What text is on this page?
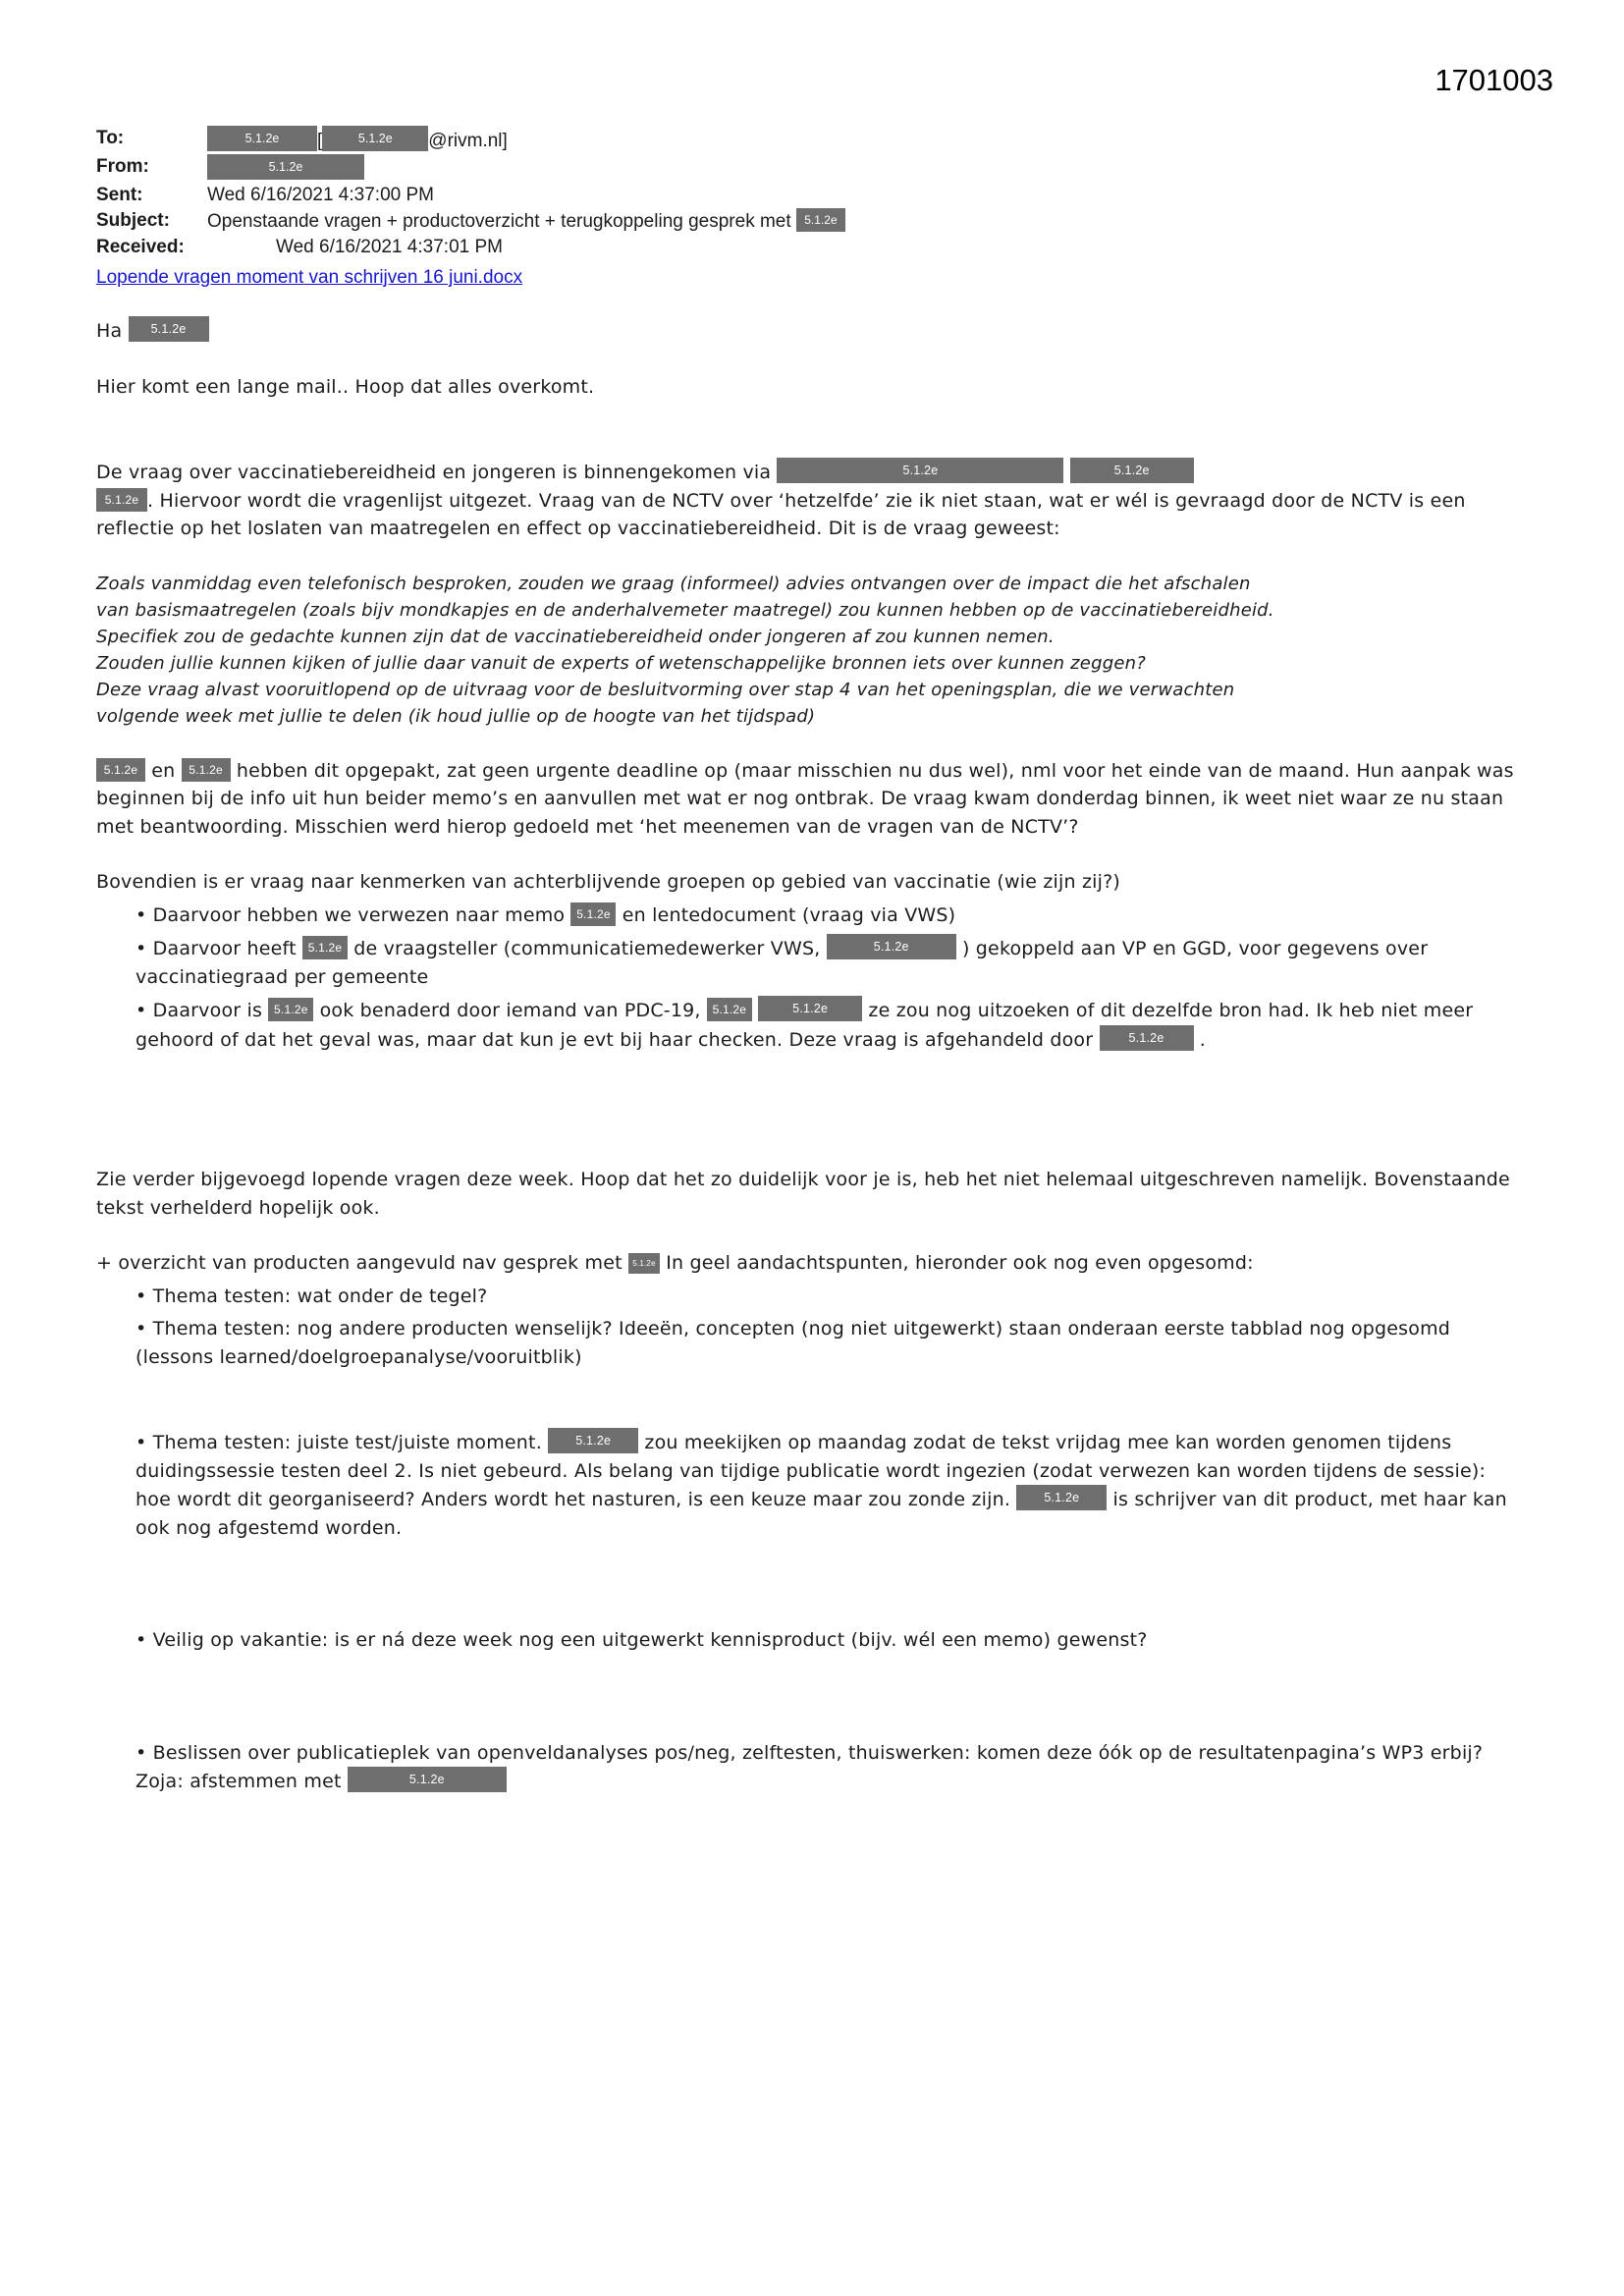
1701003
To:	5.1.2e [	5.1.2e @rivm.nl]
From:	5.1.2e
Sent:	Wed 6/16/2021 4:37:00 PM
Subject:	Openstaande vragen + productoverzicht + terugkoppeling gesprek met 5.1.2e
Received:	Wed 6/16/2021 4:37:01 PM
Lopende vragen moment van schrijven 16 juni.docx
Ha 5.1.2e
Hier komt een lange mail.. Hoop dat alles overkomt.
De vraag over vaccinatiebereidheid en jongeren is binnengekomen via	5.1.2e	5.1.2e
5.1.2e . Hiervoor wordt die vragenlijst uitgezet. Vraag van de NCTV over ‘hetzelfde’ zie ik niet staan, wat er wél is gevraagd door de NCTV is een reflectie op het loslaten van maatregelen en effect op vaccinatiebereidheid. Dit is de vraag geweest:
Zoals vanmiddag even telefonisch besproken, zouden we graag (informeel) advies ontvangen over de impact die het afschalen
van basismaatregelen (zoals bijv mondkapjes en de anderhalvemeter maatregel) zou kunnen hebben op de vaccinatiebereidheid.
Specifiek zou de gedachte kunnen zijn dat de vaccinatiebereidheid onder jongeren af zou kunnen nemen.
Zouden jullie kunnen kijken of jullie daar vanuit de experts of wetenschappelijke bronnen iets over kunnen zeggen?
Deze vraag alvast vooruitlopend op de uitvraag voor de besluitvorming over stap 4 van het openingsplan, die we verwachten
volgende week met jullie te delen (ik houd jullie op de hoogte van het tijdspad)
5.1.2e en 5.1.2e hebben dit opgepakt, zat geen urgente deadline op (maar misschien nu dus wel), nml voor het einde van de maand. Hun aanpak was beginnen bij de info uit hun beider memo’s en aanvullen met wat er nog ontbrak. De vraag kwam donderdag binnen, ik weet niet waar ze nu staan met beantwoording. Misschien werd hierop gedoeld met ‘het meenemen van de vragen van de NCTV’?
Bovendien is er vraag naar kenmerken van achterblijvende groepen op gebied van vaccinatie (wie zijn zij?)
• Daarvoor hebben we verwezen naar memo 5.1.2e en lentedocument (vraag via VWS)
• Daarvoor heeft 5.1.2e de vraagsteller (communicatiemedewerker VWS,	5.1.2e	) gekoppeld aan VP en GGD, voor gegevens over vaccinatiegraad per gemeente
• Daarvoor is 5.1.2e ook benaderd door iemand van PDC-19, 5.1.2e	5.1.2e ze zou nog uitzoeken of dit dezelfde bron had. Ik heb niet meer gehoord of dat het geval was, maar dat kun je evt bij haar checken. Deze vraag is afgehandeld door 5.1.2e .
Zie verder bijgevoegd lopende vragen deze week. Hoop dat het zo duidelijk voor je is, heb het niet helemaal uitgeschreven namelijk. Bovenstaande tekst verhelderd hopelijk ook.
+ overzicht van producten aangevuld nav gesprek met 5.1.2e In geel aandachtspunten, hieronder ook nog even opgesomd:
• Thema testen: wat onder de tegel?
• Thema testen: nog andere producten wenselijk? Ideeën, concepten (nog niet uitgewerkt) staan onderaan eerste tabblad nog opgesomd (lessons learned/doelgroepanalyse/vooruitblik)
• Thema testen: juiste test/juiste moment. 5.1.2e zou meekijken op maandag zodat de tekst vrijdag mee kan worden genomen tijdens duidingssessie testen deel 2. Is niet gebeurd. Als belang van tijdige publicatie wordt ingezien (zodat verwezen kan worden tijdens de sessie): hoe wordt dit georganiseerd? Anders wordt het nasturen, is een keuze maar zou zonde zijn. 5.1.2e is schrijver van dit product, met haar kan ook nog afgestemd worden.
• Veilig op vakantie: is er ná deze week nog een uitgewerkt kennisproduct (bijv. wél een memo) gewenst?
• Beslissen over publicatieplek van openveldanalyses pos/neg, zelftesten, thuiswerken: komen deze óók op de resultatenpagina’s WP3 erbij? Zoja: afstemmen met	5.1.2e
